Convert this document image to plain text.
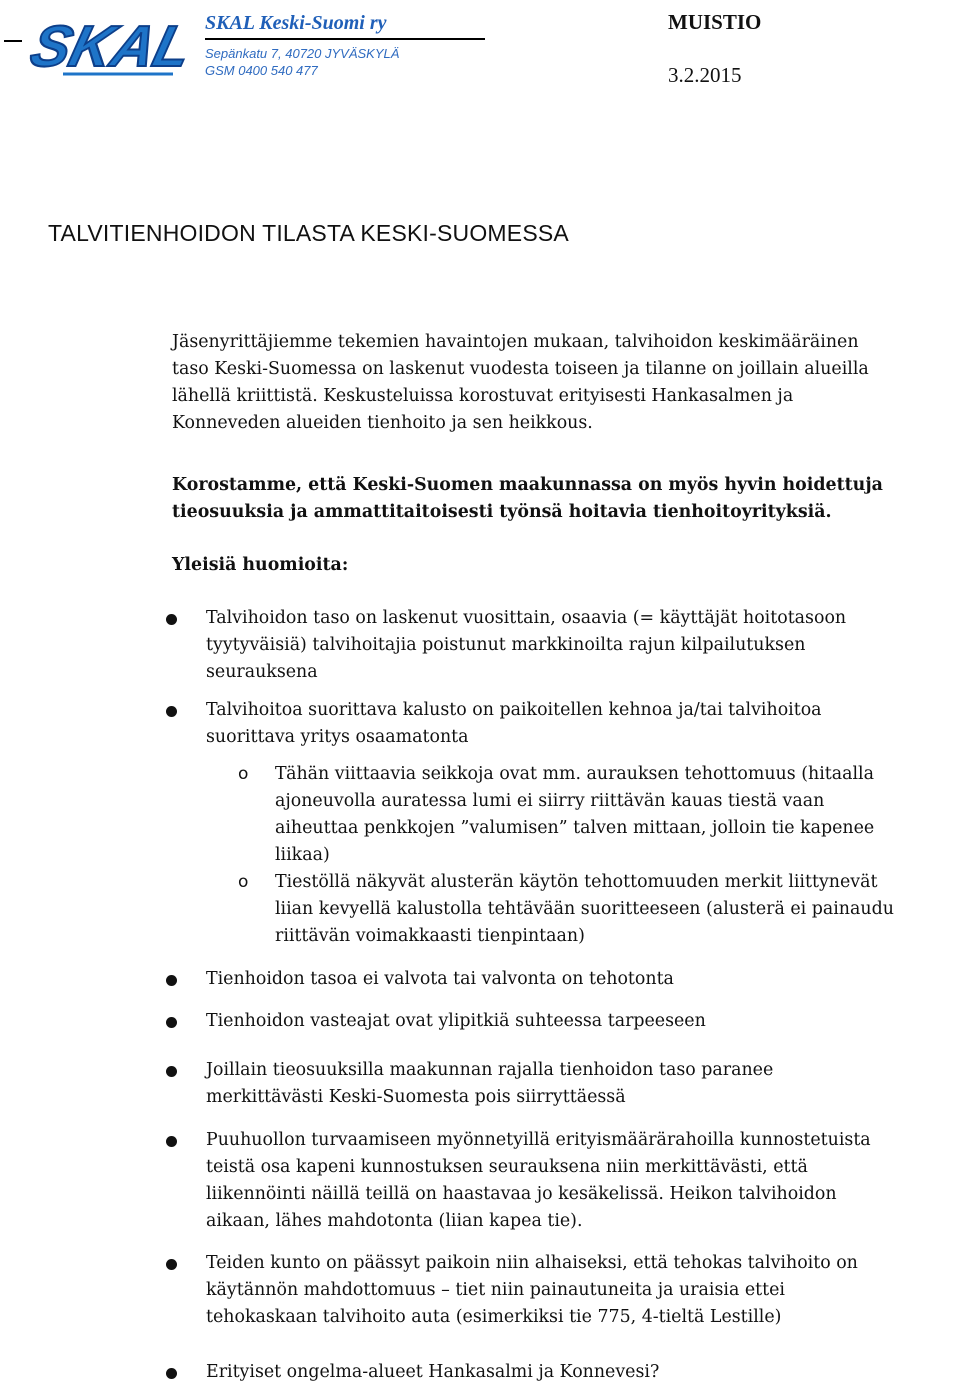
SKAL SKAL Keski-Suomi ry
Sepänkatu 7, 40720 JYVÄSKYLÄ
GSM 0400 540 477
MUISTIO
3.2.2015
TALVITIENHOIDON TILASTA KESKI-SUOMESSA
Jäsenyrittäjiemme tekemien havaintojen mukaan, talvihoidon keskimääräinen
taso Keski-Suomessa on laskenut vuodesta toiseen ja tilanne on joillain alueilla
lähellä kriittistä. Keskusteluissa korostuvat erityisesti Hankasalmen ja
Konneveden alueiden tienhoito ja sen heikkous.
Korostamme, että Keski-Suomen maakunnassa on myös hyvin hoidettuja
tieosuuksia ja ammattitaitoisesti työnsä hoitavia tienhoitoyrityksiä.
Yleisiä huomioita:
Talvihoidon taso on laskenut vuosittain, osaavia (= käyttäjät hoitotasoon
tyytyväisiä) talvihoitajia poistunut markkinoilta rajun kilpailutuksen
seurauksena
Talvihoitoa suorittava kalusto on paikoitellen kehnoa ja/tai talvihoitoa
suorittava yritys osaamatonta
o Tähän viittaavia seikkoja ovat mm. aurauksen tehottomuus (hitaalla
ajoneuvolla auratessa lumi ei siirry riittävän kauas tiestä vaan
aiheuttaa penkkojen ”valumisen” talven mittaan, jolloin tie kapenee
liikaa)
o Tiestöllä näkyvät alusterän käytön tehottomuuden merkit liittynevät
liian kevyellä kalustolla tehtävään suoritteeseen (alusterä ei painaudu
riittävän voimakkaasti tienpintaan)
Tienhoidon tasoa ei valvota tai valvonta on tehotonta
Tienhoidon vasteajat ovat ylipitkiä suhteessa tarpeeseen
Joillain tieosuuksilla maakunnan rajalla tienhoidon taso paranee
merkittävästi Keski-Suomesta pois siirryttäessä
Puuhuollon turvaamiseen myönnetyillä erityismäärärahoilla kunnostetuista
teistä osa kapeni kunnostuksen seurauksena niin merkittävästi, että
liikennöinti näillä teillä on haastavaa jo kesäkelissä. Heikon talvihoidon
aikaan, lähes mahdotonta (liian kapea tie).
Teiden kunto on päässyt paikoin niin alhaiseksi, että tehokas talvihoito on
käytännön mahdottomuus – tiet niin painautuneita ja uraisia ettei
tehokaskaan talvihoito auta (esimerkiksi tie 775, 4-tieltä Lestille)
Erityiset ongelma-alueet Hankasalmi ja Konnevesi?
